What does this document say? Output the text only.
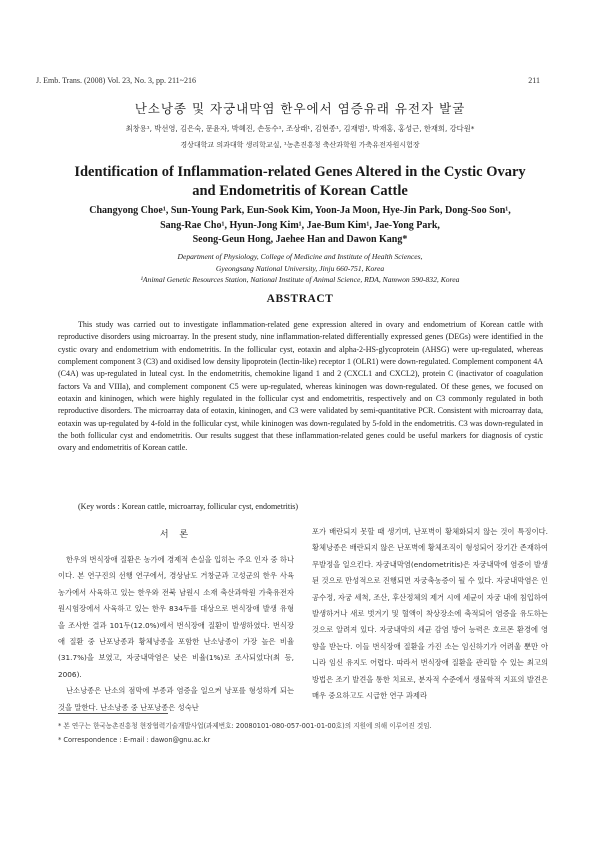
J. Emb. Trans. (2008) Vol. 23, No. 3, pp. 211~216	211
난소낭종 및 자궁내막염 한우에서 염증유래 유전자 발굴
최창용¹, 박선영, 김은숙, 문윤자, 박혜진, 손동수¹, 조상래¹, 김현종¹, 김재범¹, 박재홍, 홍성근, 한재희, 강다원*
경상대학교 의과대학 생리학교실, ¹농촌진흥청 축산과학원 가축유전자원시험장
Identification of Inflammation-related Genes Altered in the Cystic Ovary
and Endometritis of Korean Cattle
Changyong Choe¹, Sun-Young Park, Eun-Sook Kim, Yoon-Ja Moon, Hye-Jin Park, Dong-Soo Son¹,
Sang-Rae Cho¹, Hyun-Jong Kim¹, Jae-Bum Kim¹, Jae-Yong Park,
Seong-Geun Hong, Jaehee Han and Dawon Kang*
Department of Physiology, College of Medicine and Institute of Health Sciences,
Gyeongsang National University, Jinju 660-751, Korea
¹Animal Genetic Resources Station, National Institute of Animal Science, RDA, Namwon 590-832, Korea
ABSTRACT
This study was carried out to investigate inflammation-related gene expression altered in ovary and endometrium of Korean cattle with reproductive disorders using microarray. In the present study, nine inflammation-related differentially expressed genes (DEGs) were identified in the cystic ovary and endometrium with endometritis. In the follicular cyst, eotaxin and alpha-2-HS-glycoprotein (AHSG) were up-regulated, whereas complement component 3 (C3) and oxidised low density lipoprotein (lectin-like) receptor 1 (OLR1) were down-regulated. Complement component 4A (C4A) was up-regulated in luteal cyst. In the endometritis, chemokine ligand 1 and 2 (CXCL1 and CXCL2), protein C (inactivator of coagulation factors Va and VIIIa), and complement component C5 were up-regulated, whereas kininogen was down-regulated. Of these genes, we focused on eotaxin and kininogen, which were highly regulated in the follicular cyst and endometritis, respectively and on C3 commonly regulated in both reproductive disorders. The microarray data of eotaxin, kininogen, and C3 were validated by semi-quantitative PCR. Consistent with microarray data, eotaxin was up-regulated by 4-fold in the follicular cyst, while kininogen was down-regulated by 5-fold in the endometritis. C3 was down-regulated in the both follicular cyst and endometritis. Our results suggest that these inflammation-related genes could be useful markers for diagnosis of cystic ovary and endometritis of Korean cattle.
(Key words : Korean cattle, microarray, follicular cyst, endometritis)
서 론

한우의 번식장애 질환은 농가에 경제적 손실을 입히는 주요 인자 중 하나이다. 본 연구진의 선행 연구에서, 경상남도 거창군과 고성군의 한우 사육 농가에서 사육하고 있는 한우와 전북 남원시 소재 축산과학원 가축유전자원시험장에서 사육하고 있는 한우 834두를 대상으로 번식장애 발생 유형을 조사한 결과 101두(12.0%)에서 번식장애 질환이 발생하였다. 번식장애 질환 중 난포낭종과 황체낭종을 포함한 난소낭종이 가장 높은 비율(31.7%)을 보였고, 자궁내막염은 낮은 비율(1%)로 조사되었다(최 등, 2006).

난소낭종은 난소의 점막에 부종과 염증을 일으켜 낭포를 형성하게 되는 것을 말한다. 난소낭종 중 난포낭종은 성숙난

포가 배란되지 못할 때 생기며, 난포벽이 황체화되지 않는 것이 특징이다. 황체낭종은 배란되지 않은 난포벽에 황체조직이 형성되어 장기간 존재하여 무발정을 일으킨다. 자궁내막염(endometritis)은 자궁내막에 염증이 발생된 것으로 만성적으로 진행되면 자궁축농증이 될 수 있다. 자궁내막염은 인공수정, 자궁 세척, 조산, 후산정체의 제거 시에 세균이 자궁 내에 침입하여 발생하거나 새로 벗겨기 및 혈액이 착상장소에 축적되어 염증을 유도하는 것으로 알려져 있다. 자궁내막의 세균 감염 방어 능력은 호르몬 환경에 영향을 받는다. 이들 번식장애 질환을 가진 소는 임신하기가 어려울 뿐만 아니라 임신 유지도 어렵다. 따라서 번식장애 질환을 관리할 수 있는 최고의 방법은 조기 발견을 통한 치료로, 분자적 수준에서 생물학적 지표의 발견은 매우 중요하고도 시급한 연구 과제라

* 본 연구는 한국농촌진흥청 현장협력기술개발사업(과제번호: 20080101-080-057-001-01-00호)의 지원에 의해 이루어진 것임.
* Correspondence : E-mail : dawon@gnu.ac.kr
